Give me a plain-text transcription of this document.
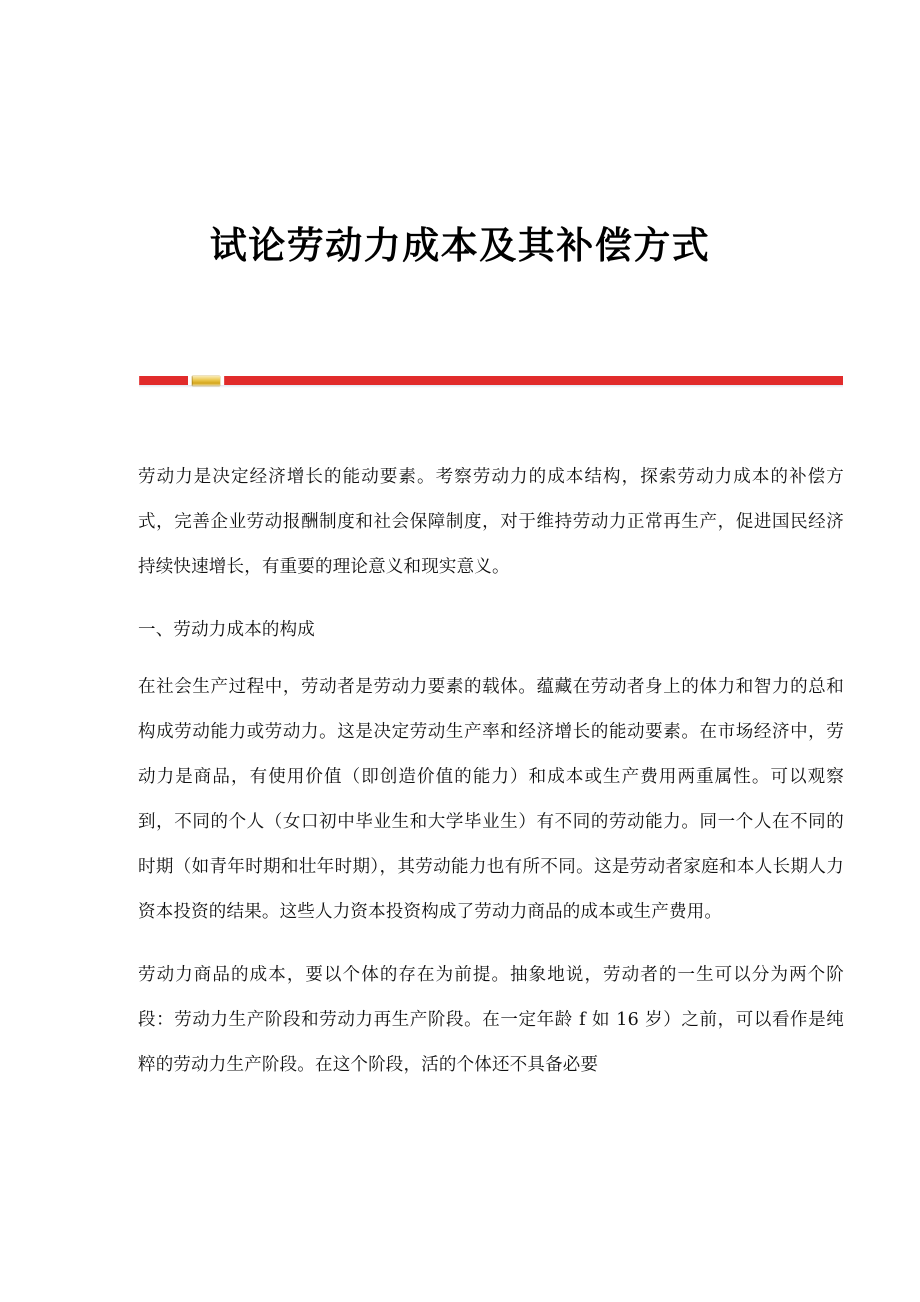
试论劳动力成本及其补偿方式

劳动力是决定经济增长的能动要素。考察劳动力的成本结构，探索劳动力成本的补偿方式，完善企业劳动报酬制度和社会保障制度，对于维持劳动力正常再生产，促进国民经济持续快速增长，有重要的理论意义和现实意义。

一、劳动力成本的构成

在社会生产过程中，劳动者是劳动力要素的载体。蕴藏在劳动者身上的体力和智力的总和构成劳动能力或劳动力。这是决定劳动生产率和经济增长的能动要素。在市场经济中，劳动力是商品，有使用价值（即创造价值的能力）和成本或生产费用两重属性。可以观察到，不同的个人（女口初中毕业生和大学毕业生）有不同的劳动能力。同一个人在不同的时期（如青年时期和壮年时期），其劳动能力也有所不同。这是劳动者家庭和本人长期人力资本投资的结果。这些人力资本投资构成了劳动力商品的成本或生产费用。

劳动力商品的成本，要以个体的存在为前提。抽象地说，劳动者的一生可以分为两个阶段：劳动力生产阶段和劳动力再生产阶段。在一定年龄 f 如 16 岁）之前，可以看作是纯粹的劳动力生产阶段。在这个阶段，活的个体还不具备必要
